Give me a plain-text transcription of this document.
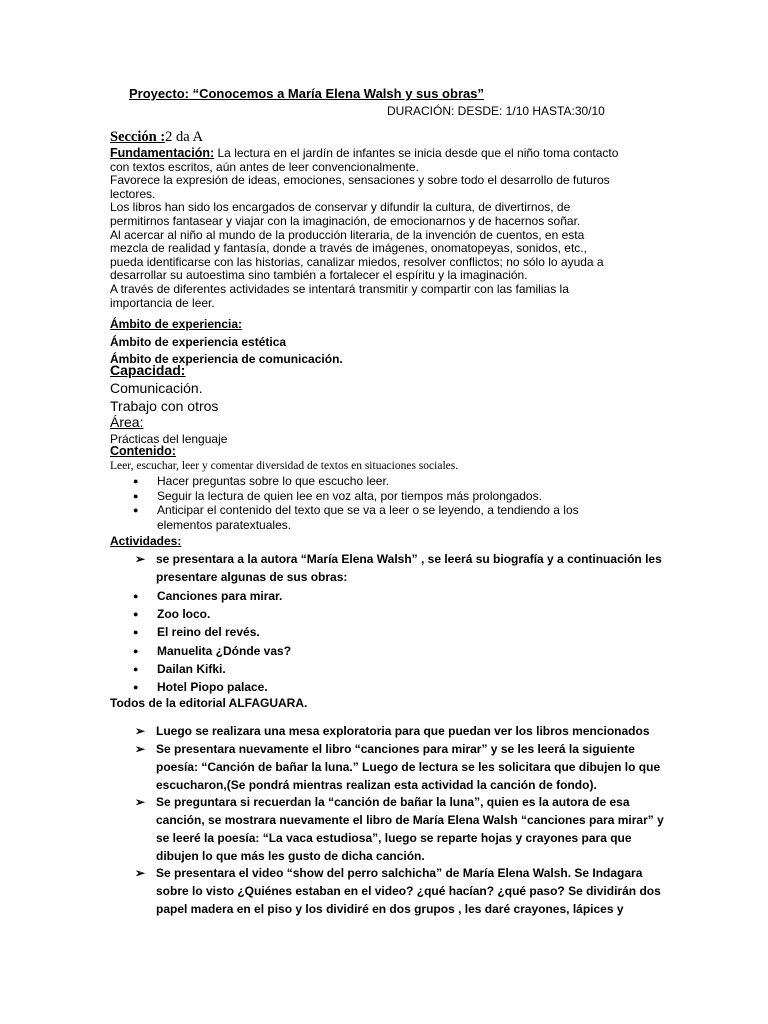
Proyecto: “Conocemos a María Elena Walsh y sus obras”
DURACIÓN: DESDE: 1/10 HASTA:30/10
Sección :2 da A
Fundamentación: La lectura en el jardín de infantes se inicia desde que el niño toma contacto
con textos escritos, aún antes de leer convencionalmente.
Favorece la expresión de ideas, emociones, sensaciones y sobre todo el desarrollo de futuros
lectores.
Los libros han sido los encargados de conservar y difundir la cultura, de divertirnos, de
permitirnos fantasear y viajar con la imaginación, de emocionarnos y de hacernos soñar.
Al acercar al niño al mundo de la producción literaria, de la invención de cuentos, en esta
mezcla de realidad y fantasía, donde a través de imágenes, onomatopeyas, sonidos, etc.,
pueda identificarse con las historias, canalizar miedos, resolver conflictos; no sólo lo ayuda a
desarrollar su autoestima sino también a fortalecer el espíritu y la imaginación.
A través de diferentes actividades se intentará transmitir y compartir con las familias la
importancia de leer.
Ámbito de experiencia:
Ámbito de experiencia estética
Ámbito de experiencia de comunicación.
Capacidad:
Comunicación.
Trabajo con otros
Área:
Prácticas del lenguaje
Contenido:
Leer, escuchar, leer y comentar diversidad de textos en situaciones sociales.
● Hacer preguntas sobre lo que escucho leer.
● Seguir la lectura de quien lee en voz alta, por tiempos más prolongados.
● Anticipar el contenido del texto que se va a leer o se leyendo, a tendiendo a los elementos paratextuales.
Actividades:
➢ se presentara a la autora “María Elena Walsh” , se leerá su biografía y a continuación les presentare algunas de sus obras:
● Canciones para mirar.
● Zoo loco.
● El reino del revés.
● Manuelita ¿Dónde vas?
● Dailan Kifki.
● Hotel Piopo palace.
Todos de la editorial ALFAGUARA.
➢ Luego se realizara una mesa exploratoria para que puedan ver los libros mencionados
➢ Se presentara nuevamente el libro “canciones para mirar” y se les leerá la siguiente poesía: “Canción de bañar la luna.” Luego de lectura se les solicitara que dibujen lo que escucharon,(Se pondrá mientras realizan esta actividad la canción de fondo).
➢ Se preguntara si recuerdan la “canción de bañar la luna”, quien es la autora de esa canción, se mostrara nuevamente el libro de María Elena Walsh “canciones para mirar” y se leeré la poesía: “La vaca estudiosa”, luego se reparte hojas y crayones para que dibujen lo que más les gusto de dicha canción.
➢ Se presentara el video “show del perro salchicha” de María Elena Walsh. Se Indagara sobre lo visto ¿Quiénes estaban en el video? ¿qué hacían? ¿qué paso? Se dividirán dos papel madera en el piso y los dividiré en dos grupos , les daré crayones, lápices y
